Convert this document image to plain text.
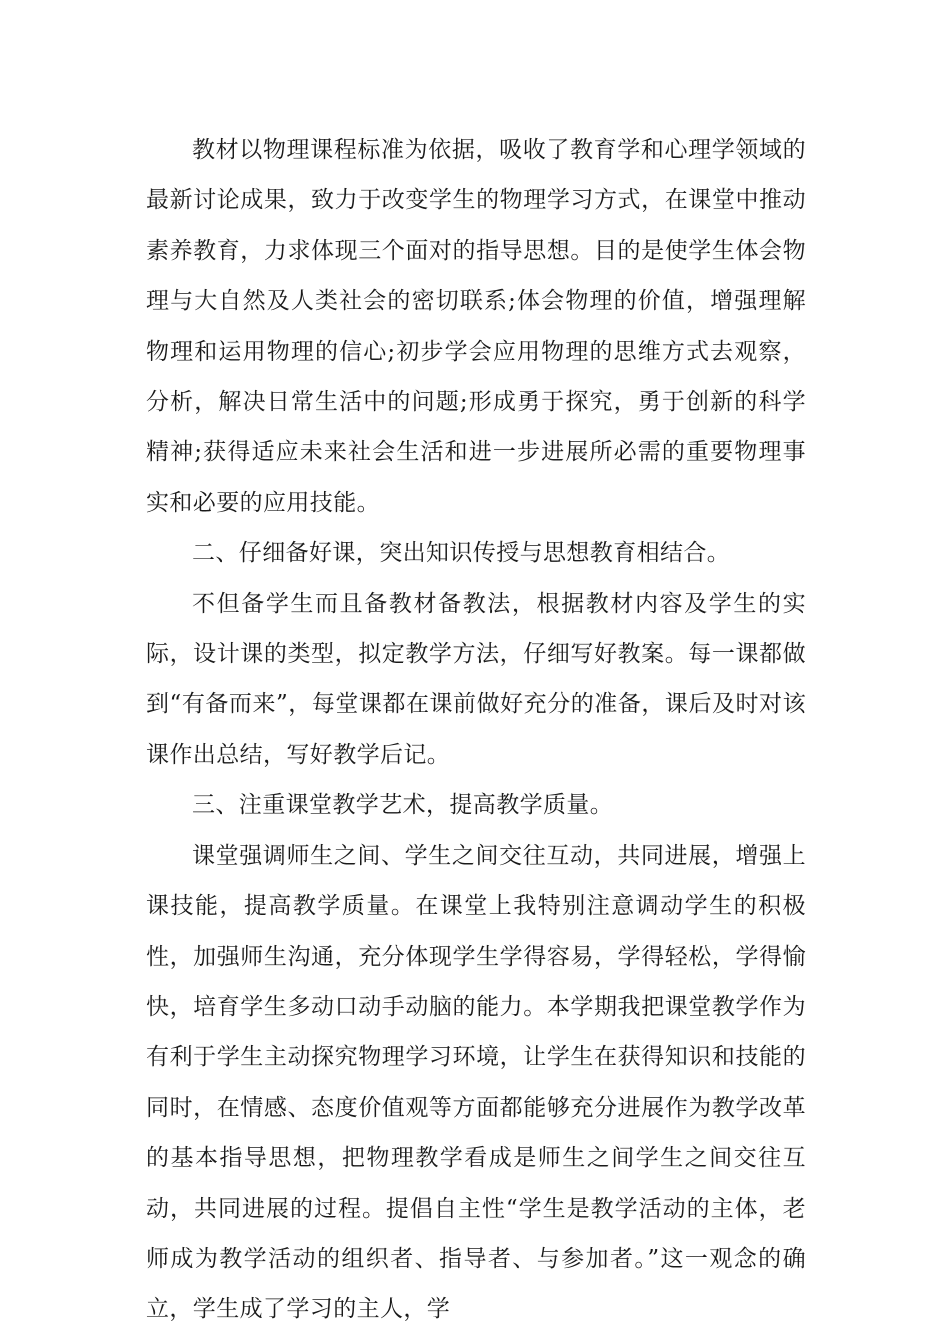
教材以物理课程标准为依据，吸收了教育学和心理学领域的最新讨论成果，致力于改变学生的物理学习方式，在课堂中推动素养教育，力求体现三个面对的指导思想。目的是使学生体会物理与大自然及人类社会的密切联系;体会物理的价值，增强理解物理和运用物理的信心;初步学会应用物理的思维方式去观察，分析，解决日常生活中的问题;形成勇于探究，勇于创新的科学精神;获得适应未来社会生活和进一步进展所必需的重要物理事实和必要的应用技能。

二、仔细备好课，突出知识传授与思想教育相结合。

不但备学生而且备教材备教法，根据教材内容及学生的实际，设计课的类型，拟定教学方法，仔细写好教案。每一课都做到“有备而来”，每堂课都在课前做好充分的准备，课后及时对该课作出总结，写好教学后记。

三、注重课堂教学艺术，提高教学质量。

课堂强调师生之间、学生之间交往互动，共同进展，增强上课技能，提高教学质量。在课堂上我特别注意调动学生的积极性，加强师生沟通，充分体现学生学得容易，学得轻松，学得愉快，培育学生多动口动手动脑的能力。本学期我把课堂教学作为有利于学生主动探究物理学习环境，让学生在获得知识和技能的同时，在情感、态度价值观等方面都能够充分进展作为教学改革的基本指导思想，把物理教学看成是师生之间学生之间交往互动，共同进展的过程。提倡自主性“学生是教学活动的主体，老师成为教学活动的组织者、指导者、与参加者。”这一观念的确立，学生成了学习的主人，学
